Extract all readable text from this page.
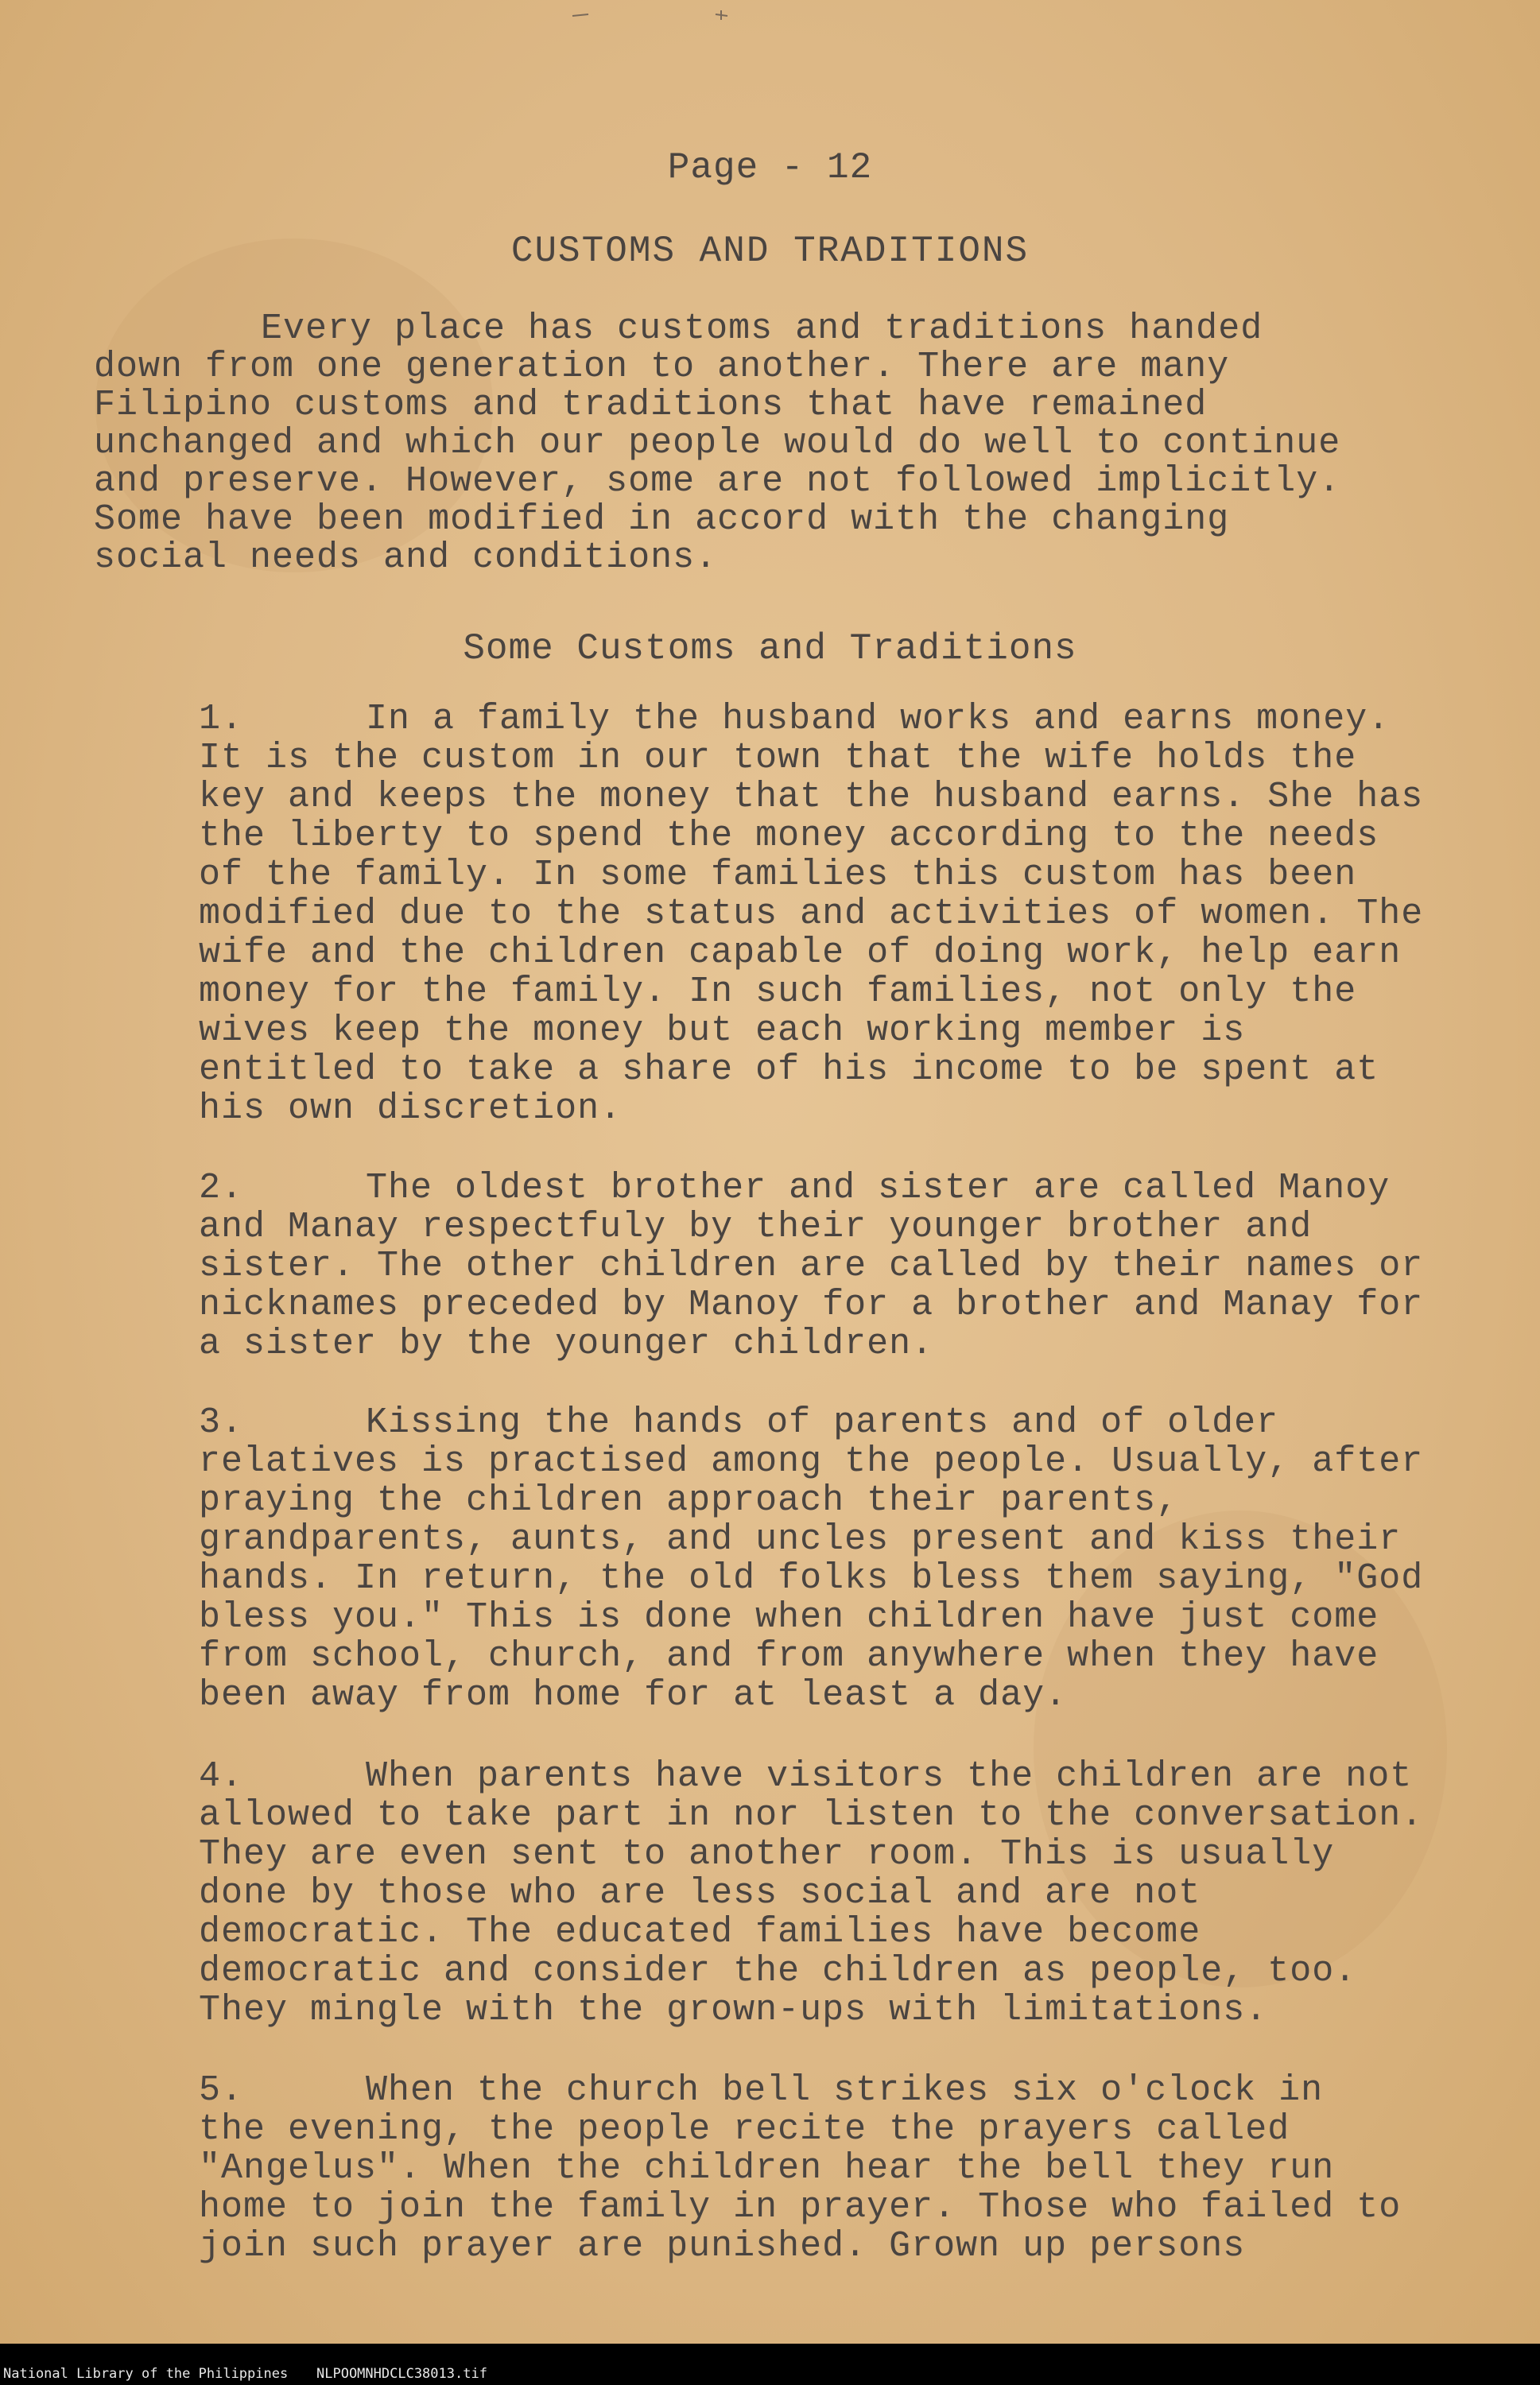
Page - 12
CUSTOMS AND TRADITIONS

Every place has customs and traditions handed down from one generation to another. There are many Filipino customs and traditions that have remained unchanged and which our people would do well to continue and preserve. However, some are not followed implicitly. Some have been modified in accord with the changing social needs and conditions.

Some Customs and Traditions

1.	In a family the husband works and earns money. It is the custom in our town that the wife holds the key and keeps the money that the husband earns. She has the liberty to spend the money according to the needs of the family. In some families this custom has been modified due to the status and activities of women. The wife and the children capable of doing work, help earn money for the family. In such families, not only the wives keep the money but each working member is entitled to take a share of his income to be spent at his own discretion.

2.	The oldest brother and sister are called Manoy and Manay respectfuly by their younger brother and sister. The other children are called by their names or nicknames preceded by Manoy for a brother and Manay for a sister by the younger children.

3.	Kissing the hands of parents and of older relatives is practised among the people. Usually, after praying the children approach their parents, grandparents, aunts, and uncles present and kiss their hands. In return, the old folks bless them saying, "God bless you." This is done when children have just come from school, church, and from anywhere when they have been away from home for at least a day.

4.	When parents have visitors the children are not allowed to take part in nor listen to the conversation. They are even sent to another room. This is usually done by those who are less social and are not democratic. The educated families have become democratic and consider the children as people, too. They mingle with the grown-ups with limitations.

5.	When the church bell strikes six o'clock in the evening, the people recite the prayers called "Angelus". When the children hear the bell they run home to join the family in prayer. Those who failed to join such prayer are punished. Grown up persons

National Library of the Philippines NLPOOMNHDCLC38013.tif
